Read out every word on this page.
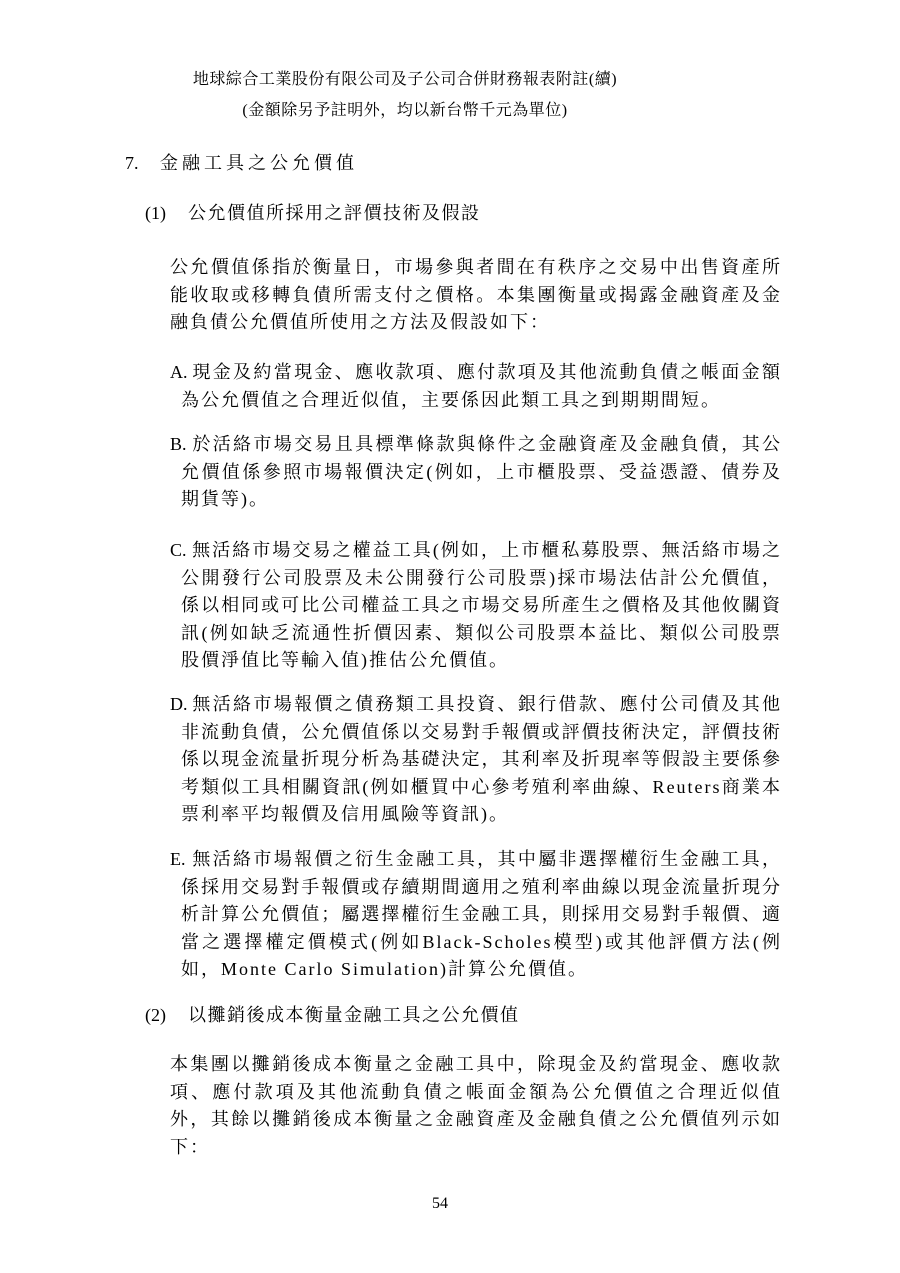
地球綜合工業股份有限公司及子公司合併財務報表附註(續)
(金額除另予註明外，均以新台幣千元為單位)

7. 金融工具之公允價值

(1) 公允價值所採用之評價技術及假設

公允價值係指於衡量日，市場參與者間在有秩序之交易中出售資產所能收取或移轉負債所需支付之價格。本集團衡量或揭露金融資產及金融負債公允價值所使用之方法及假設如下：

A. 現金及約當現金、應收款項、應付款項及其他流動負債之帳面金額為公允價值之合理近似值，主要係因此類工具之到期期間短。

B. 於活絡市場交易且具標準條款與條件之金融資產及金融負債，其公允價值係參照市場報價決定(例如，上市櫃股票、受益憑證、債券及期貨等)。

C. 無活絡市場交易之權益工具(例如，上市櫃私募股票、無活絡市場之公開發行公司股票及未公開發行公司股票)採市場法估計公允價值，係以相同或可比公司權益工具之市場交易所產生之價格及其他攸關資訊(例如缺乏流通性折價因素、類似公司股票本益比、類似公司股票股價淨值比等輸入值)推估公允價值。

D. 無活絡市場報價之債務類工具投資、銀行借款、應付公司債及其他非流動負債，公允價值係以交易對手報價或評價技術決定，評價技術係以現金流量折現分析為基礎決定，其利率及折現率等假設主要係參考類似工具相關資訊(例如櫃買中心參考殖利率曲線、Reuters商業本票利率平均報價及信用風險等資訊)。

E. 無活絡市場報價之衍生金融工具，其中屬非選擇權衍生金融工具，係採用交易對手報價或存續期間適用之殖利率曲線以現金流量折現分析計算公允價值；屬選擇權衍生金融工具，則採用交易對手報價、適當之選擇權定價模式(例如Black-Scholes模型)或其他評價方法(例如，Monte Carlo Simulation)計算公允價值。

(2) 以攤銷後成本衡量金融工具之公允價值

本集團以攤銷後成本衡量之金融工具中，除現金及約當現金、應收款項、應付款項及其他流動負債之帳面金額為公允價值之合理近似值外，其餘以攤銷後成本衡量之金融資產及金融負債之公允價值列示如下：

54
